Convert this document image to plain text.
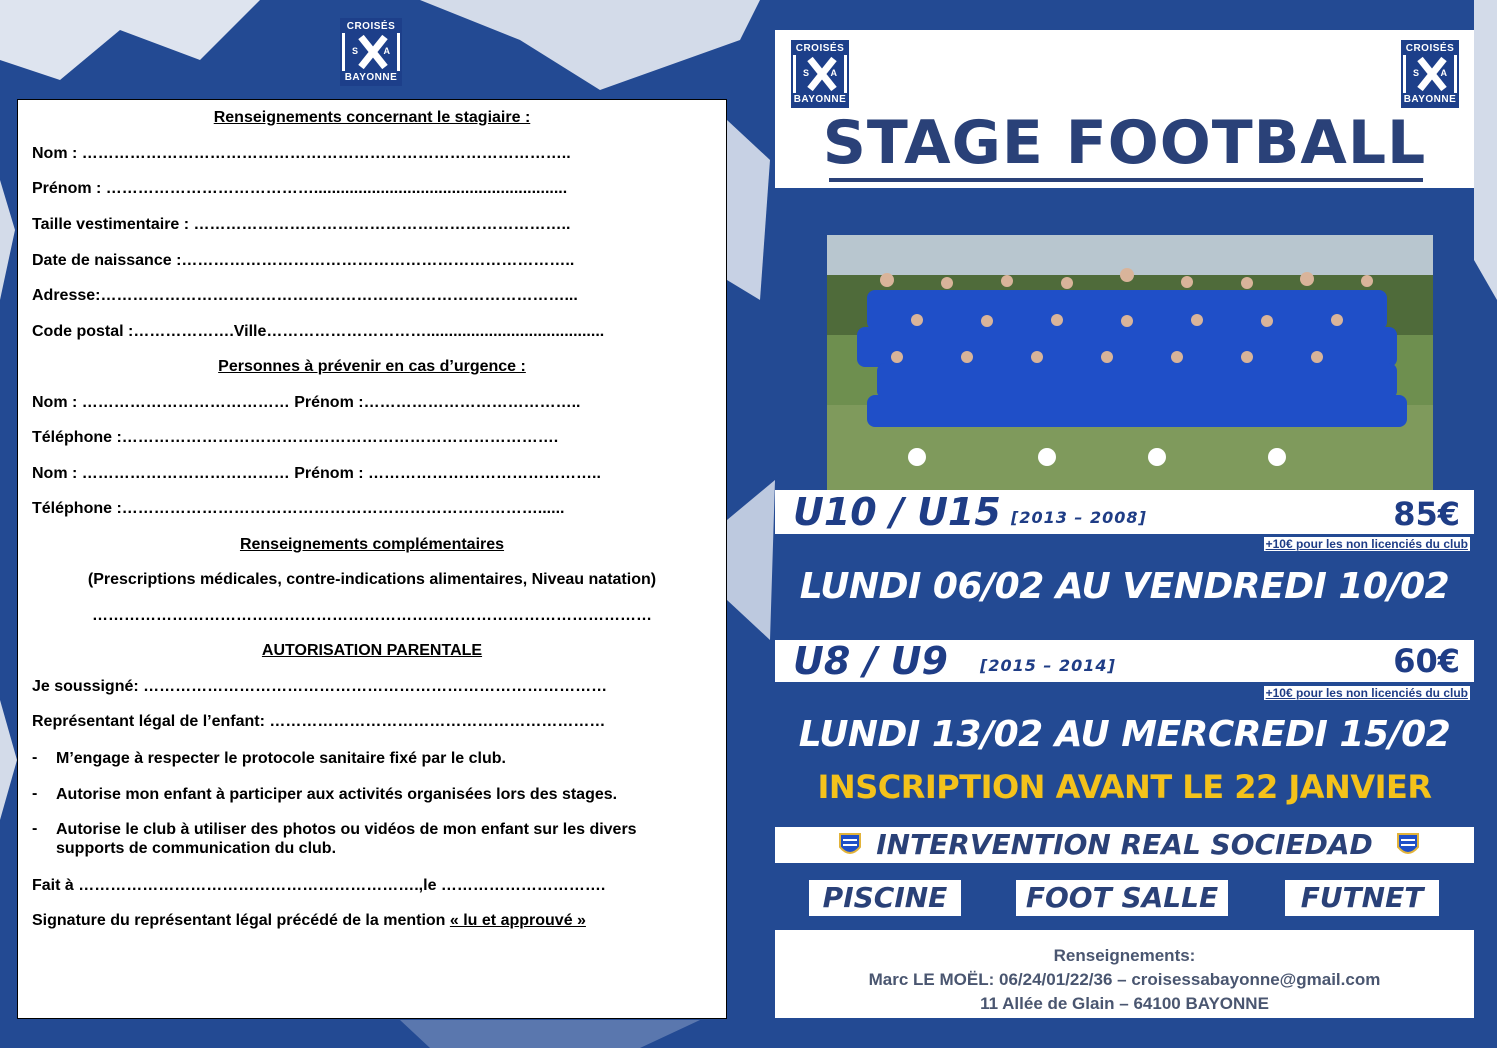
CROISÉS
S	A
BAYONNE
Renseignements concernant le stagiaire :
Nom : ………………………………………………………………………………..
Prénom : ………………………………….........................................................
Taille vestimentaire : ……………………………………………………………..
Date de naissance :………………………………………………………………..
Adresse:……………………………………………………………………………...
Code postal :……………….Ville…………………………........................................
Personnes à prévenir en cas d’urgence :
Nom : ………………………………… Prénom :…………………………………..
Téléphone :……………………………………………………………………….
Nom : ………………………………… Prénom : ……………………………………..
Téléphone :……………………………………………………………………......
Renseignements complémentaires
(Prescriptions médicales, contre-indications alimentaires, Niveau natation)
……………………………………………………………………………………………
AUTORISATION PARENTALE
Je soussigné: ……………………………………………………………………………
Représentant légal de l’enfant: ………………………………………………………
- M’engage à respecter le protocole sanitaire fixé par le club.
- Autorise mon enfant à participer aux activités organisées lors des stages.
- Autorise le club à utiliser des photos ou vidéos de mon enfant sur les divers supports de communication du club.
Fait à ……………………………………………………….,le ………………………….
Signature du représentant légal précédé de la mention « lu et approuvé »
CROISÉS
S A
BAYONNE
CROISÉS
S A
BAYONNE
STAGE FOOTBALL
U10 / U15 [2013 – 2008]	85€
+10€ pour les non licenciés du club
LUNDI 06/02 AU VENDREDI 10/02
U8 / U9 [2015 – 2014]	60€
+10€ pour les non licenciés du club
LUNDI 13/02 AU MERCREDI 15/02
INSCRIPTION AVANT LE 22 JANVIER
INTERVENTION REAL SOCIEDAD
PISCINE	FOOT SALLE	FUTNET
Renseignements:
Marc LE MOËL: 06/24/01/22/36 – croisessabayonne@gmail.com
11 Allée de Glain – 64100 BAYONNE
